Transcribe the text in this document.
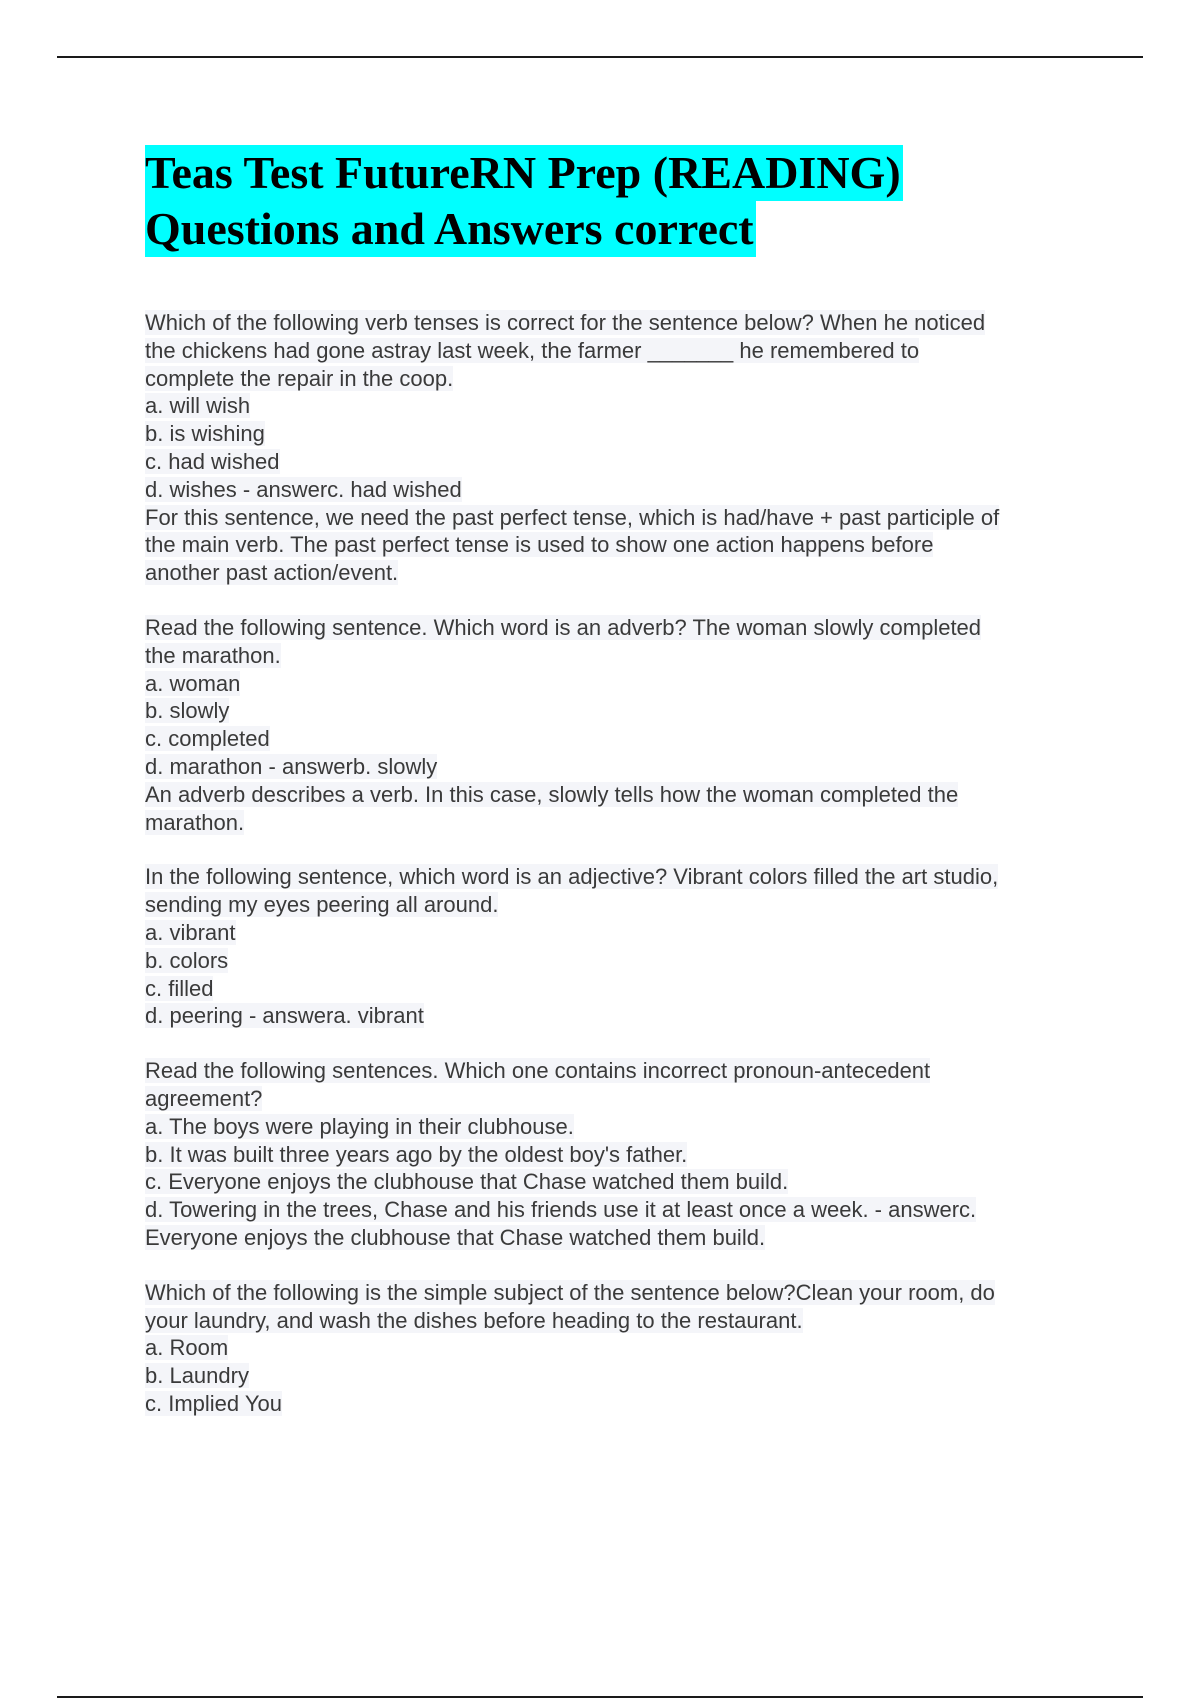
Teas Test FutureRN Prep (READING)
Questions and Answers correct
Which of the following verb tenses is correct for the sentence below? When he noticed
the chickens had gone astray last week, the farmer _______ he remembered to
complete the repair in the coop.
a. will wish
b. is wishing
c. had wished
d. wishes - answerc. had wished
For this sentence, we need the past perfect tense, which is had/have + past participle of
the main verb. The past perfect tense is used to show one action happens before
another past action/event.
Read the following sentence. Which word is an adverb? The woman slowly completed
the marathon.
a. woman
b. slowly
c. completed
d. marathon - answerb. slowly
An adverb describes a verb. In this case, slowly tells how the woman completed the
marathon.
In the following sentence, which word is an adjective? Vibrant colors filled the art studio,
sending my eyes peering all around.
a. vibrant
b. colors
c. filled
d. peering - answera. vibrant
Read the following sentences. Which one contains incorrect pronoun-antecedent
agreement?
a. The boys were playing in their clubhouse.
b. It was built three years ago by the oldest boy's father.
c. Everyone enjoys the clubhouse that Chase watched them build.
d. Towering in the trees, Chase and his friends use it at least once a week. - answerc.
Everyone enjoys the clubhouse that Chase watched them build.
Which of the following is the simple subject of the sentence below?Clean your room, do
your laundry, and wash the dishes before heading to the restaurant.
a. Room
b. Laundry
c. Implied You
